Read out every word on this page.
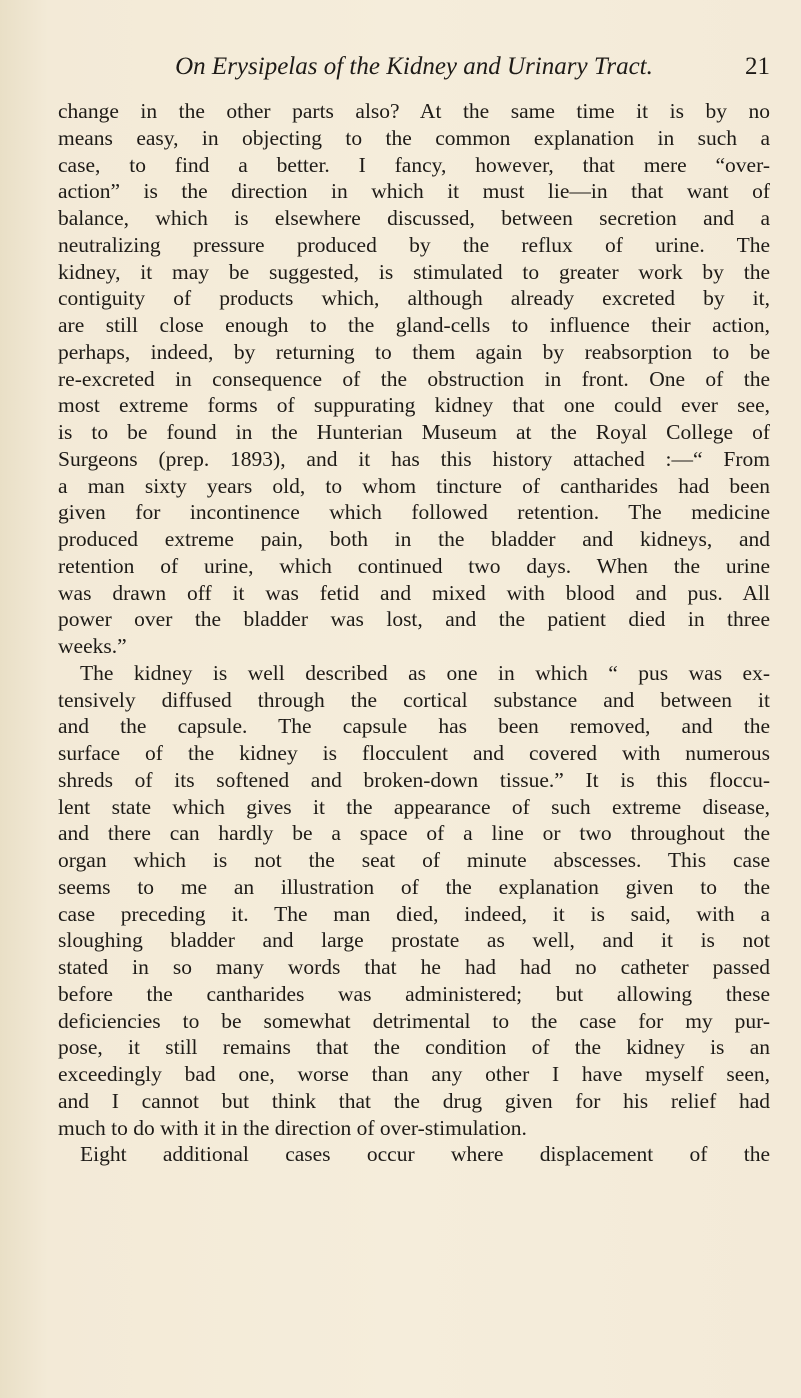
On Erysipelas of the Kidney and Urinary Tract.	21
change in the other parts also? At the same time it is by no
means easy, in objecting to the common explanation in such a
case, to find a better. I fancy, however, that mere “over-
action” is the direction in which it must lie—in that want of
balance, which is elsewhere discussed, between secretion and a
neutralizing pressure produced by the reflux of urine. The
kidney, it may be suggested, is stimulated to greater work by the
contiguity of products which, although already excreted by it,
are still close enough to the gland-cells to influence their action,
perhaps, indeed, by returning to them again by reabsorption to be
re-excreted in consequence of the obstruction in front. One of the
most extreme forms of suppurating kidney that one could ever see,
is to be found in the Hunterian Museum at the Royal College of
Surgeons (prep. 1893), and it has this history attached :—“ From
a man sixty years old, to whom tincture of cantharides had been
given for incontinence which followed retention. The medicine
produced extreme pain, both in the bladder and kidneys, and
retention of urine, which continued two days. When the urine
was drawn off it was fetid and mixed with blood and pus. All
power over the bladder was lost, and the patient died in three
weeks.”
The kidney is well described as one in which “ pus was ex-
tensively diffused through the cortical substance and between it
and the capsule. The capsule has been removed, and the
surface of the kidney is flocculent and covered with numerous
shreds of its softened and broken-down tissue.” It is this floccu-
lent state which gives it the appearance of such extreme disease,
and there can hardly be a space of a line or two throughout the
organ which is not the seat of minute abscesses. This case
seems to me an illustration of the explanation given to the
case preceding it. The man died, indeed, it is said, with a
sloughing bladder and large prostate as well, and it is not
stated in so many words that he had had no catheter passed
before the cantharides was administered; but allowing these
deficiencies to be somewhat detrimental to the case for my pur-
pose, it still remains that the condition of the kidney is an
exceedingly bad one, worse than any other I have myself seen,
and I cannot but think that the drug given for his relief had
much to do with it in the direction of over-stimulation.
Eight additional cases occur where displacement of the
